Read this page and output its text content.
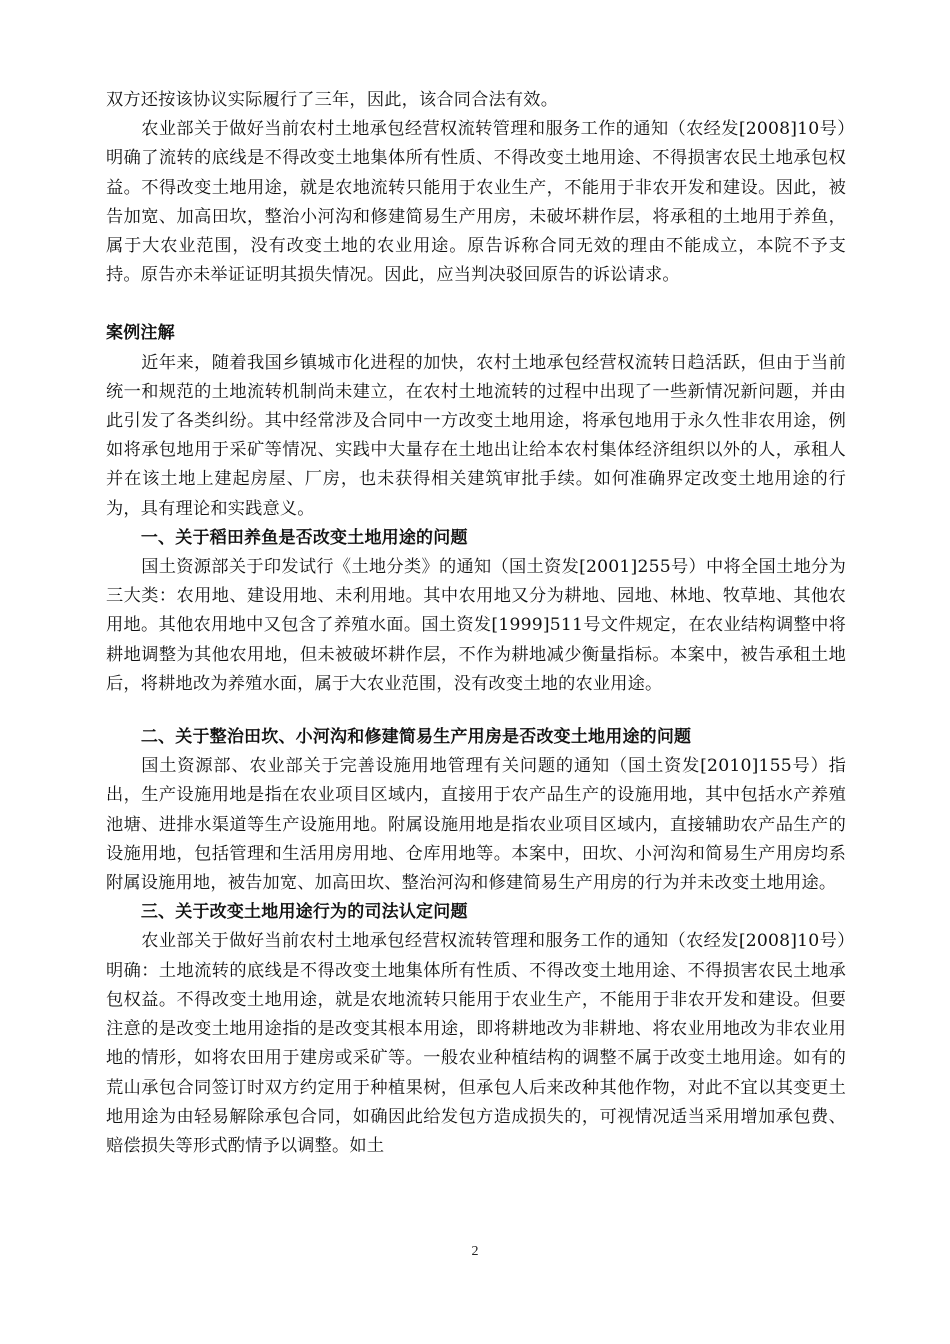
双方还按该协议实际履行了三年，因此，该合同合法有效。

农业部关于做好当前农村土地承包经营权流转管理和服务工作的通知（农经发[2008]10号）明确了流转的底线是不得改变土地集体所有性质、不得改变土地用途、不得损害农民土地承包权益。不得改变土地用途，就是农地流转只能用于农业生产，不能用于非农开发和建设。因此，被告加宽、加高田坎，整治小河沟和修建简易生产用房，未破坏耕作层，将承租的土地用于养鱼，属于大农业范围，没有改变土地的农业用途。原告诉称合同无效的理由不能成立，本院不予支持。原告亦未举证证明其损失情况。因此，应当判决驳回原告的诉讼请求。

案例注解

近年来，随着我国乡镇城市化进程的加快，农村土地承包经营权流转日趋活跃，但由于当前统一和规范的土地流转机制尚未建立，在农村土地流转的过程中出现了一些新情况新问题，并由此引发了各类纠纷。其中经常涉及合同中一方改变土地用途，将承包地用于永久性非农用途，例如将承包地用于采矿等情况、实践中大量存在土地出让给本农村集体经济组织以外的人，承租人并在该土地上建起房屋、厂房，也未获得相关建筑审批手续。如何准确界定改变土地用途的行为，具有理论和实践意义。

一、关于稻田养鱼是否改变土地用途的问题

国土资源部关于印发试行《土地分类》的通知（国土资发[2001]255号）中将全国土地分为三大类：农用地、建设用地、未利用地。其中农用地又分为耕地、园地、林地、牧草地、其他农用地。其他农用地中又包含了养殖水面。国土资发[1999]511号文件规定，在农业结构调整中将耕地调整为其他农用地，但未被破坏耕作层，不作为耕地减少衡量指标。本案中，被告承租土地后，将耕地改为养殖水面，属于大农业范围，没有改变土地的农业用途。

二、关于整治田坎、小河沟和修建简易生产用房是否改变土地用途的问题

国土资源部、农业部关于完善设施用地管理有关问题的通知（国土资发[2010]155号）指出，生产设施用地是指在农业项目区域内，直接用于农产品生产的设施用地，其中包括水产养殖池塘、进排水渠道等生产设施用地。附属设施用地是指农业项目区域内，直接辅助农产品生产的设施用地，包括管理和生活用房用地、仓库用地等。本案中，田坎、小河沟和简易生产用房均系附属设施用地，被告加宽、加高田坎、整治河沟和修建简易生产用房的行为并未改变土地用途。

三、关于改变土地用途行为的司法认定问题

农业部关于做好当前农村土地承包经营权流转管理和服务工作的通知（农经发[2008]10号）明确：土地流转的底线是不得改变土地集体所有性质、不得改变土地用途、不得损害农民土地承包权益。不得改变土地用途，就是农地流转只能用于农业生产，不能用于非农开发和建设。但要注意的是改变土地用途指的是改变其根本用途，即将耕地改为非耕地、将农业用地改为非农业用地的情形，如将农田用于建房或采矿等。一般农业种植结构的调整不属于改变土地用途。如有的荒山承包合同签订时双方约定用于种植果树，但承包人后来改种其他作物，对此不宜以其变更土地用途为由轻易解除承包合同，如确因此给发包方造成损失的，可视情况适当采用增加承包费、赔偿损失等形式酌情予以调整。如土

2
